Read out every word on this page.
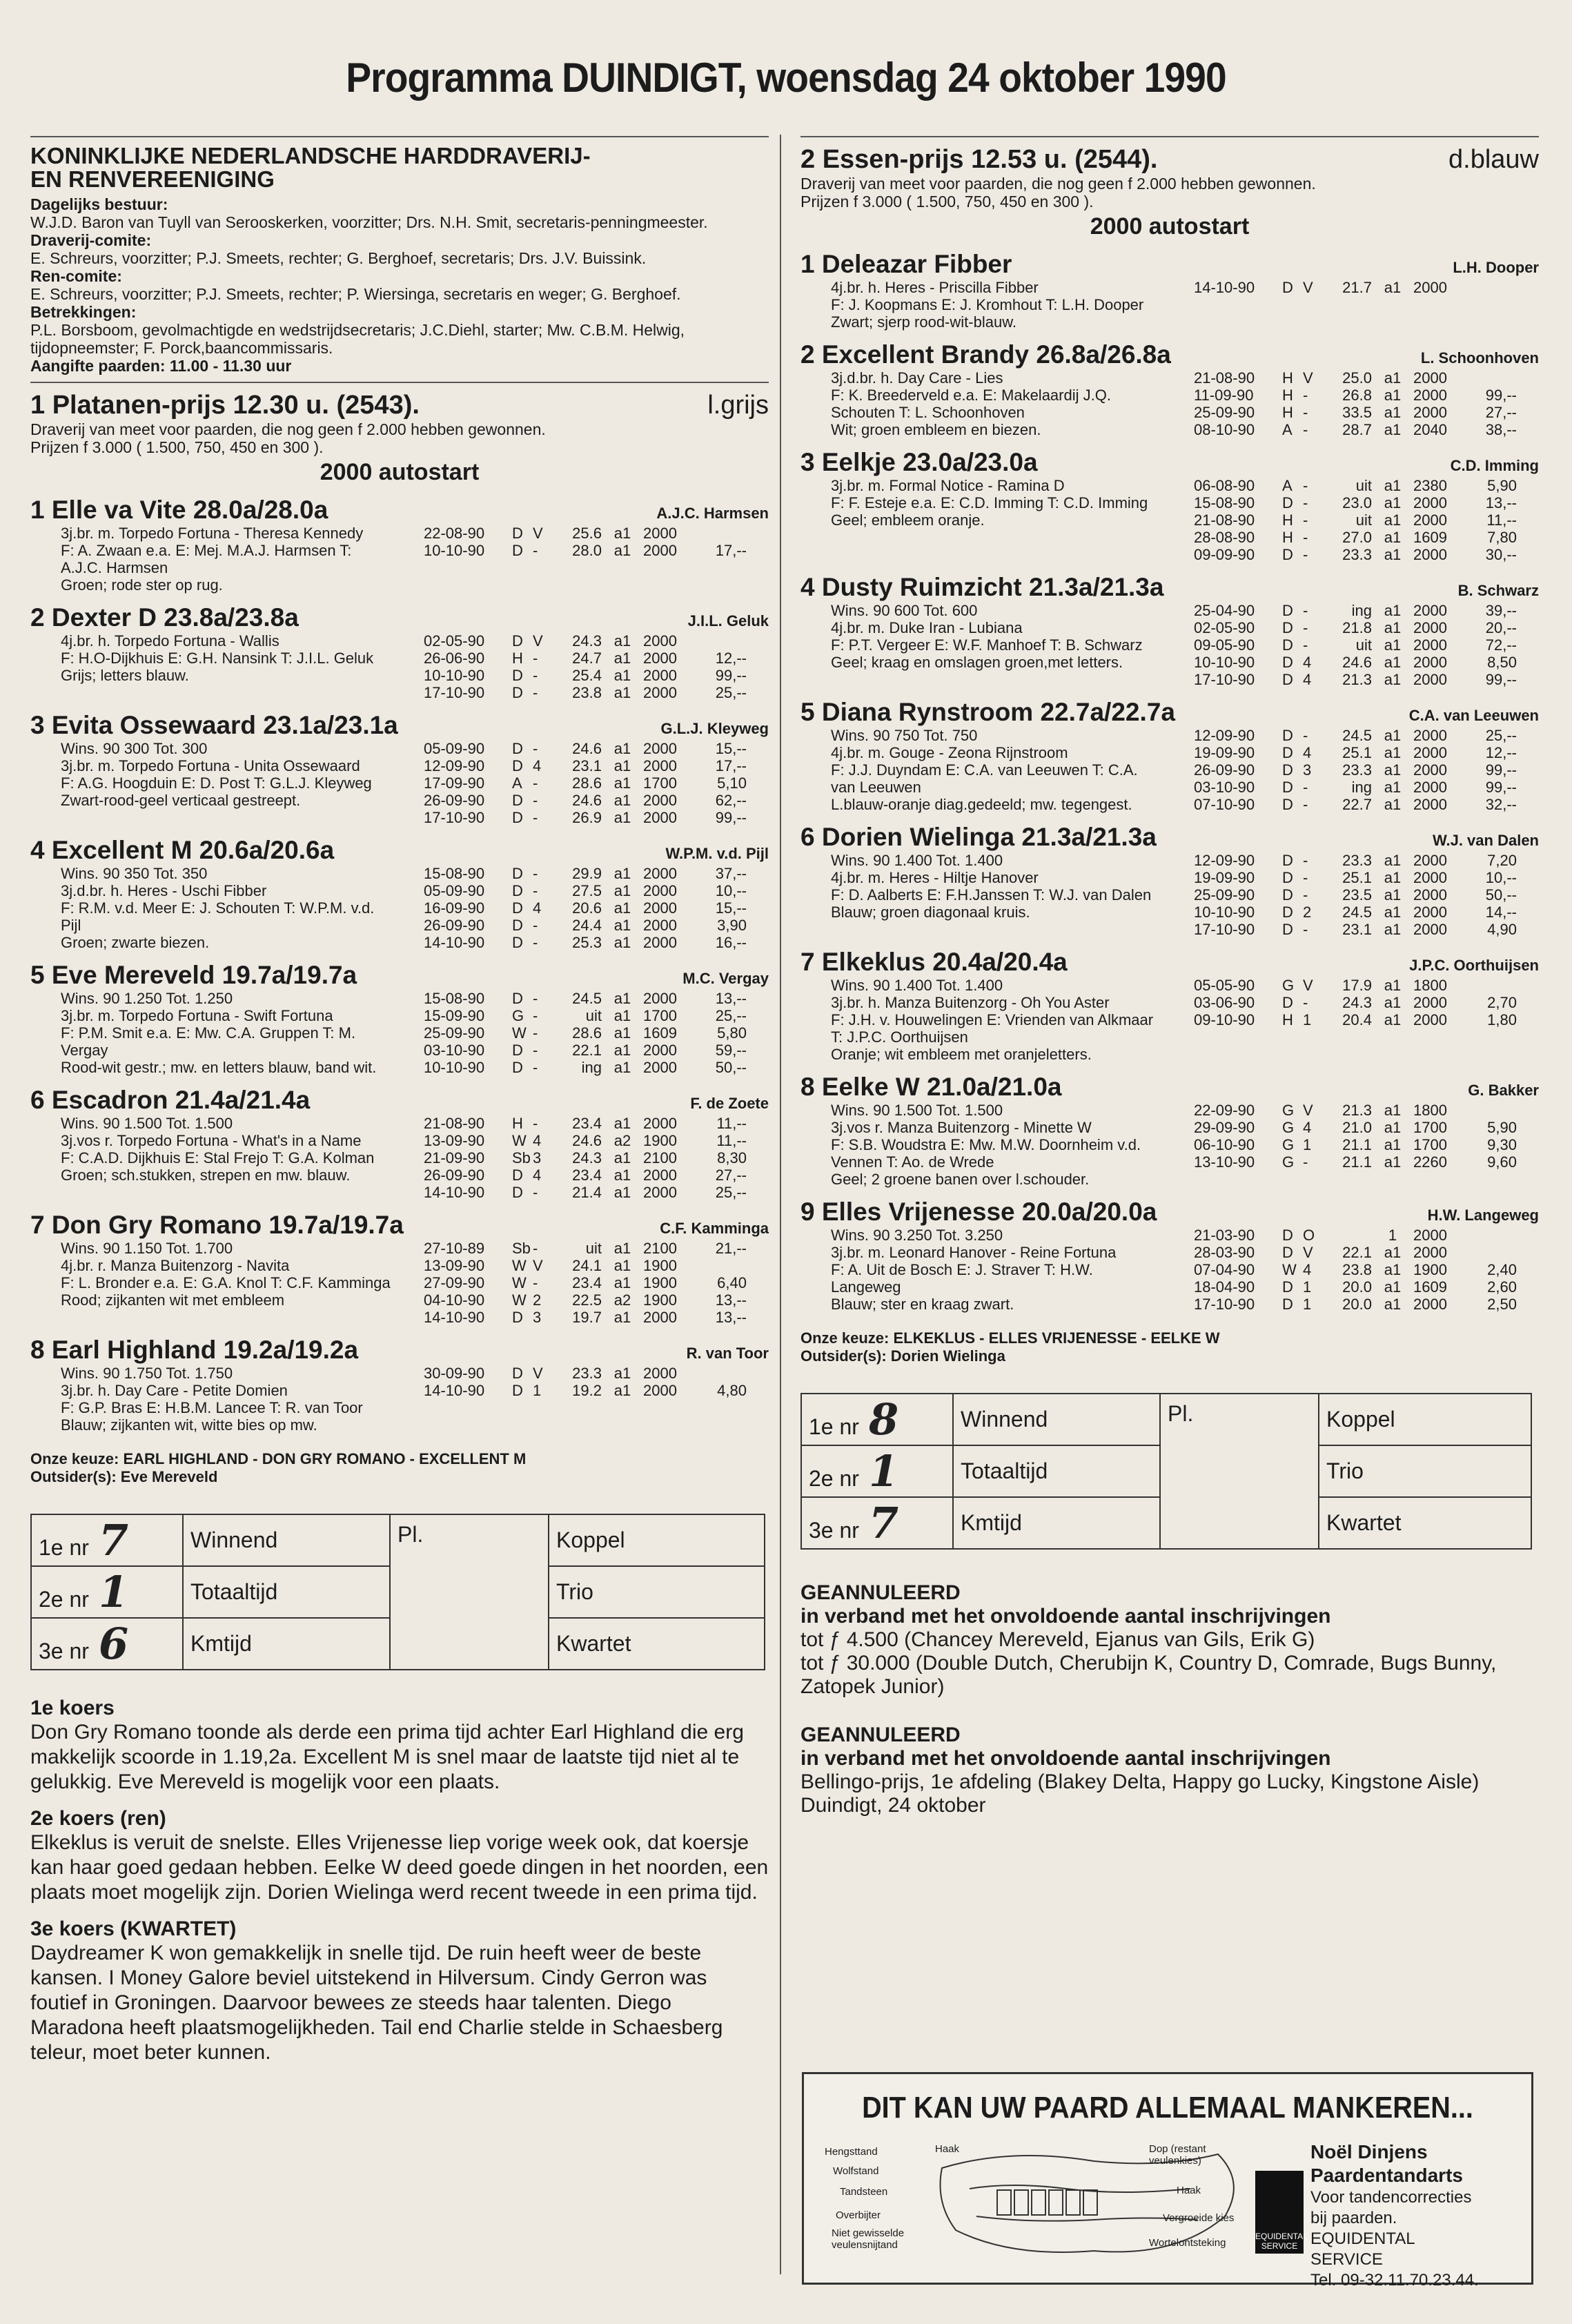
Programma DUINDIGT, woensdag 24 oktober 1990
KONINKLIJKE NEDERLANDSCHE HARDDRAVERIJ-
EN RENVEREENIGING
Dagelijks bestuur:
W.J.D. Baron van Tuyll van Serooskerken, voorzitter; Drs. N.H. Smit, secretaris-penningmeester.
Draverij-comite:
E. Schreurs, voorzitter; P.J. Smeets, rechter; G. Berghoef, secretaris; Drs. J.V. Buissink.
Ren-comite:
E. Schreurs, voorzitter; P.J. Smeets, rechter; P. Wiersinga, secretaris en weger; G. Berghoef.
Betrekkingen:
P.L. Borsboom, gevolmachtigde en wedstrijdsecretaris; J.C.Diehl, starter; Mw. C.B.M. Helwig, tijdopneemster; F. Porck,baancommissaris.
Aangifte paarden: 11.00 - 11.30 uur
1 Platanen-prijs 12.30 u. (2543).	l.grijs
Draverij van meet voor paarden, die nog geen f 2.000 hebben gewonnen.
Prijzen f 3.000 ( 1.500, 750, 450 en 300 ).
2000 autostart
1 Elle va Vite 28.0a/28.0a	A.J.C. Harmsen
3j.br. m. Torpedo Fortuna - Theresa Kennedy
F: A. Zwaan e.a. E: Mej. M.A.J. Harmsen T:
A.J.C. Harmsen
Groen; rode ster op rug.
22-08-90	D V	25.6 a1 2000
10-10-90	D -	28.0 a1 2000	17,--
2 Dexter D 23.8a/23.8a	J.I.L. Geluk
4j.br. h. Torpedo Fortuna - Wallis
F: H.O-Dijkhuis E: G.H. Nansink T: J.I.L. Geluk
Grijs; letters blauw.
02-05-90	D V	24.3 a1 2000
26-06-90	H -	24.7 a1 2000	12,--
10-10-90	D -	25.4 a1 2000	99,--
17-10-90	D -	23.8 a1 2000	25,--
3 Evita Ossewaard 23.1a/23.1a	G.L.J. Kleyweg
Wins. 90 300 Tot. 300
3j.br. m. Torpedo Fortuna - Unita Ossewaard
F: A.G. Hoogduin E: D. Post T: G.L.J. Kleyweg
Zwart-rood-geel verticaal gestreept.
05-09-90	D -	24.6 a1 2000	15,--
12-09-90	D 4	23.1 a1 2000	17,--
17-09-90	A -	28.6 a1 1700	5,10
26-09-90	D -	24.6 a1 2000	62,--
17-10-90	D -	26.9 a1 2000	99,--
4 Excellent M 20.6a/20.6a	W.P.M. v.d. Pijl
Wins. 90 350 Tot. 350
3j.d.br. h. Heres - Uschi Fibber
F: R.M. v.d. Meer E: J. Schouten T: W.P.M. v.d.
Pijl
Groen; zwarte biezen.
15-08-90	D -	29.9 a1 2000	37,--
05-09-90	D -	27.5 a1 2000	10,--
16-09-90	D 4	20.6 a1 2000	15,--
26-09-90	D -	24.4 a1 2000	3,90
14-10-90	D -	25.3 a1 2000	16,--
5 Eve Mereveld 19.7a/19.7a	M.C. Vergay
Wins. 90 1.250 Tot. 1.250
3j.br. m. Torpedo Fortuna - Swift Fortuna
F: P.M. Smit e.a. E: Mw. C.A. Gruppen T: M.
Vergay
Rood-wit gestr.; mw. en letters blauw, band wit.
15-08-90	D -	24.5 a1 2000	13,--
15-09-90	G -	uit a1 1700	25,--
25-09-90	W -	28.6 a1 1609	5,80
03-10-90	D -	22.1 a1 2000	59,--
10-10-90	D -	ing a1 2000	50,--
6 Escadron 21.4a/21.4a	F. de Zoete
Wins. 90 1.500 Tot. 1.500
3j.vos r. Torpedo Fortuna - What's in a Name
F: C.A.D. Dijkhuis E: Stal Frejo T: G.A. Kolman
Groen; sch.stukken, strepen en mw. blauw.
21-08-90	H -	23.4 a1 2000	11,--
13-09-90	W 4	24.6 a2 1900	11,--
21-09-90	Sb 3	24.3 a1 2100	8,30
26-09-90	D 4	23.4 a1 2000	27,--
14-10-90	D -	21.4 a1 2000	25,--
7 Don Gry Romano 19.7a/19.7a	C.F. Kamminga
Wins. 90 1.150 Tot. 1.700
4j.br. r. Manza Buitenzorg - Navita
F: L. Bronder e.a. E: G.A. Knol T: C.F. Kamminga
Rood; zijkanten wit met embleem
27-10-89	Sb -	uit a1 2100	21,--
13-09-90	W V	24.1 a1 1900
27-09-90	W -	23.4 a1 1900	6,40
04-10-90	W 2	22.5 a2 1900	13,--
14-10-90	D 3	19.7 a1 2000	13,--
8 Earl Highland 19.2a/19.2a	R. van Toor
Wins. 90 1.750 Tot. 1.750
3j.br. h. Day Care - Petite Domien
F: G.P. Bras E: H.B.M. Lancee T: R. van Toor
Blauw; zijkanten wit, witte bies op mw.
30-09-90	D V	23.3 a1 2000
14-10-90	D 1	19.2 a1 2000	4,80
Onze keuze: EARL HIGHLAND - DON GRY ROMANO - EXCELLENT M
Outsider(s): Eve Mereveld
1e nr 7	Winnend	Pl.	Koppel
2e nr 1	Totaaltijd		Trio
3e nr 6	Kmtijd		Kwartet
1e koers

Don Gry Romano toonde als derde een prima tijd achter Earl Highland die erg makkelijk scoorde in 1.19,2a. Excellent M is snel maar de laatste tijd niet al te gelukkig. Eve Mereveld is mogelijk voor een plaats.

2e koers (ren)

Elkeklus is veruit de snelste. Elles Vrijenesse liep vorige week ook, dat koersje kan haar goed gedaan hebben. Eelke W deed goede dingen in het noorden, een plaats moet mogelijk zijn. Dorien Wielinga werd recent tweede in een prima tijd.

3e koers (KWARTET)

Daydreamer K won gemakkelijk in snelle tijd. De ruin heeft weer de beste kansen. I Money Galore beviel uitstekend in Hilversum. Cindy Gerron was foutief in Groningen. Daarvoor bewees ze steeds haar talenten. Diego Maradona heeft plaatsmogelijkheden. Tail end Charlie stelde in Schaesberg teleur, moet beter kunnen.

2 Essen-prijs 12.53 u. (2544).	d.blauw
Draverij van meet voor paarden, die nog geen f 2.000 hebben gewonnen.
Prijzen f 3.000 ( 1.500, 750, 450 en 300 ).
2000 autostart
1 Deleazar Fibber	L.H. Dooper
4j.br. h. Heres - Priscilla Fibber
F: J. Koopmans E: J. Kromhout T: L.H. Dooper
Zwart; sjerp rood-wit-blauw.
14-10-90	D V	21.7 a1 2000
2 Excellent Brandy 26.8a/26.8a	L. Schoonhoven
3j.d.br. h. Day Care - Lies
F: K. Breederveld e.a. E: Makelaardij J.Q.
Schouten T: L. Schoonhoven
Wit; groen embleem en biezen.
21-08-90	H V	25.0 a1 2000
11-09-90	H -	26.8 a1 2000	99,--
25-09-90	H -	33.5 a1 2000	27,--
08-10-90	A -	28.7 a1 2040	38,--
3 Eelkje 23.0a/23.0a	C.D. Imming
3j.br. m. Formal Notice - Ramina D
F: F. Esteje e.a. E: C.D. Imming T: C.D. Imming
Geel; embleem oranje.
06-08-90	A -	uit a1 2380	5,90
15-08-90	D -	23.0 a1 2000	13,--
21-08-90	H -	uit a1 2000	11,--
28-08-90	H -	27.0 a1 1609	7,80
09-09-90	D -	23.3 a1 2000	30,--
4 Dusty Ruimzicht 21.3a/21.3a	B. Schwarz
Wins. 90 600 Tot. 600
4j.br. m. Duke Iran - Lubiana
F: P.T. Vergeer E: W.F. Manhoef T: B. Schwarz
Geel; kraag en omslagen groen,met letters.
25-04-90	D -	ing a1 2000	39,--
02-05-90	D -	21.8 a1 2000	20,--
09-05-90	D -	uit a1 2000	72,--
10-10-90	D 4	24.6 a1 2000	8,50
17-10-90	D 4	21.3 a1 2000	99,--
5 Diana Rynstroom 22.7a/22.7a	C.A. van Leeuwen
Wins. 90 750 Tot. 750
4j.br. m. Gouge - Zeona Rijnstroom
F: J.J. Duyndam E: C.A. van Leeuwen T: C.A.
van Leeuwen
L.blauw-oranje diag.gedeeld; mw. tegengest.
12-09-90	D -	24.5 a1 2000	25,--
19-09-90	D 4	25.1 a1 2000	12,--
26-09-90	D 3	23.3 a1 2000	99,--
03-10-90	D -	ing a1 2000	99,--
07-10-90	D -	22.7 a1 2000	32,--
6 Dorien Wielinga 21.3a/21.3a	W.J. van Dalen
Wins. 90 1.400 Tot. 1.400
4j.br. m. Heres - Hiltje Hanover
F: D. Aalberts E: F.H.Janssen T: W.J. van Dalen
Blauw; groen diagonaal kruis.
12-09-90	D -	23.3 a1 2000	7,20
19-09-90	D -	25.1 a1 2000	10,--
25-09-90	D -	23.5 a1 2000	50,--
10-10-90	D 2	24.5 a1 2000	14,--
17-10-90	D -	23.1 a1 2000	4,90
7 Elkeklus 20.4a/20.4a	J.P.C. Oorthuijsen
Wins. 90 1.400 Tot. 1.400
3j.br. h. Manza Buitenzorg - Oh You Aster
F: J.H. v. Houwelingen E: Vrienden van Alkmaar
T: J.P.C. Oorthuijsen
Oranje; wit embleem met oranjeletters.
05-05-90	G V	17.9 a1 1800
03-06-90	D -	24.3 a1 2000	2,70
09-10-90	H 1	20.4 a1 2000	1,80
8 Eelke W 21.0a/21.0a	G. Bakker
Wins. 90 1.500 Tot. 1.500
3j.vos r. Manza Buitenzorg - Minette W
F: S.B. Woudstra E: Mw. M.W. Doornheim v.d.
Vennen T: Ao. de Wrede
Geel; 2 groene banen over l.schouder.
22-09-90	G V	21.3 a1 1800
29-09-90	G 4	21.0 a1 1700	5,90
06-10-90	G 1	21.1 a1 1700	9,30
13-10-90	G -	21.1 a1 2260	9,60
9 Elles Vrijenesse 20.0a/20.0a	H.W. Langeweg
Wins. 90 3.250 Tot. 3.250
3j.br. m. Leonard Hanover - Reine Fortuna
F: A. Uit de Bosch E: J. Straver T: H.W.
Langeweg
Blauw; ster en kraag zwart.
21-03-90	D O	1	2000
28-03-90	D V	22.1 a1 2000
07-04-90	W 4	23.8 a1 1900	2,40
18-04-90	D 1	20.0 a1 1609	2,60
17-10-90	D 1	20.0 a1 2000	2,50
Onze keuze: ELKEKLUS - ELLES VRIJENESSE - EELKE W
Outsider(s): Dorien Wielinga
1e nr 8	Winnend	Pl.	Koppel
2e nr 1	Totaaltijd		Trio
3e nr 7	Kmtijd		Kwartet
GEANNULEERD
in verband met het onvoldoende aantal inschrijvingen

tot ƒ 4.500 (Chancey Mereveld, Ejanus van Gils, Erik G)

tot ƒ 30.000 (Double Dutch, Cherubijn K, Country D, Comrade, Bugs Bunny, Zatopek Junior)

GEANNULEERD
in verband met het onvoldoende aantal inschrijvingen

Bellingo-prijs, 1e afdeling (Blakey Delta, Happy go Lucky, Kingstone Aisle)

Duindigt, 24 oktober

DIT KAN UW PAARD ALLEMAAL MANKEREN...
Hengsttand
Wolfstand
Tandsteen
Overbijter
Niet gewisselde veulensnijtand
Haak	Dop (restant veulenkies)
Haak
Vergroeide kies
Wortelontsteking
EQUIDENTAL SERVICE
Noël Dinjens
Paardentandarts
Voor tandencorrecties bij paarden.
EQUIDENTAL SERVICE
Tel. 09-32.11.70.23.44.
